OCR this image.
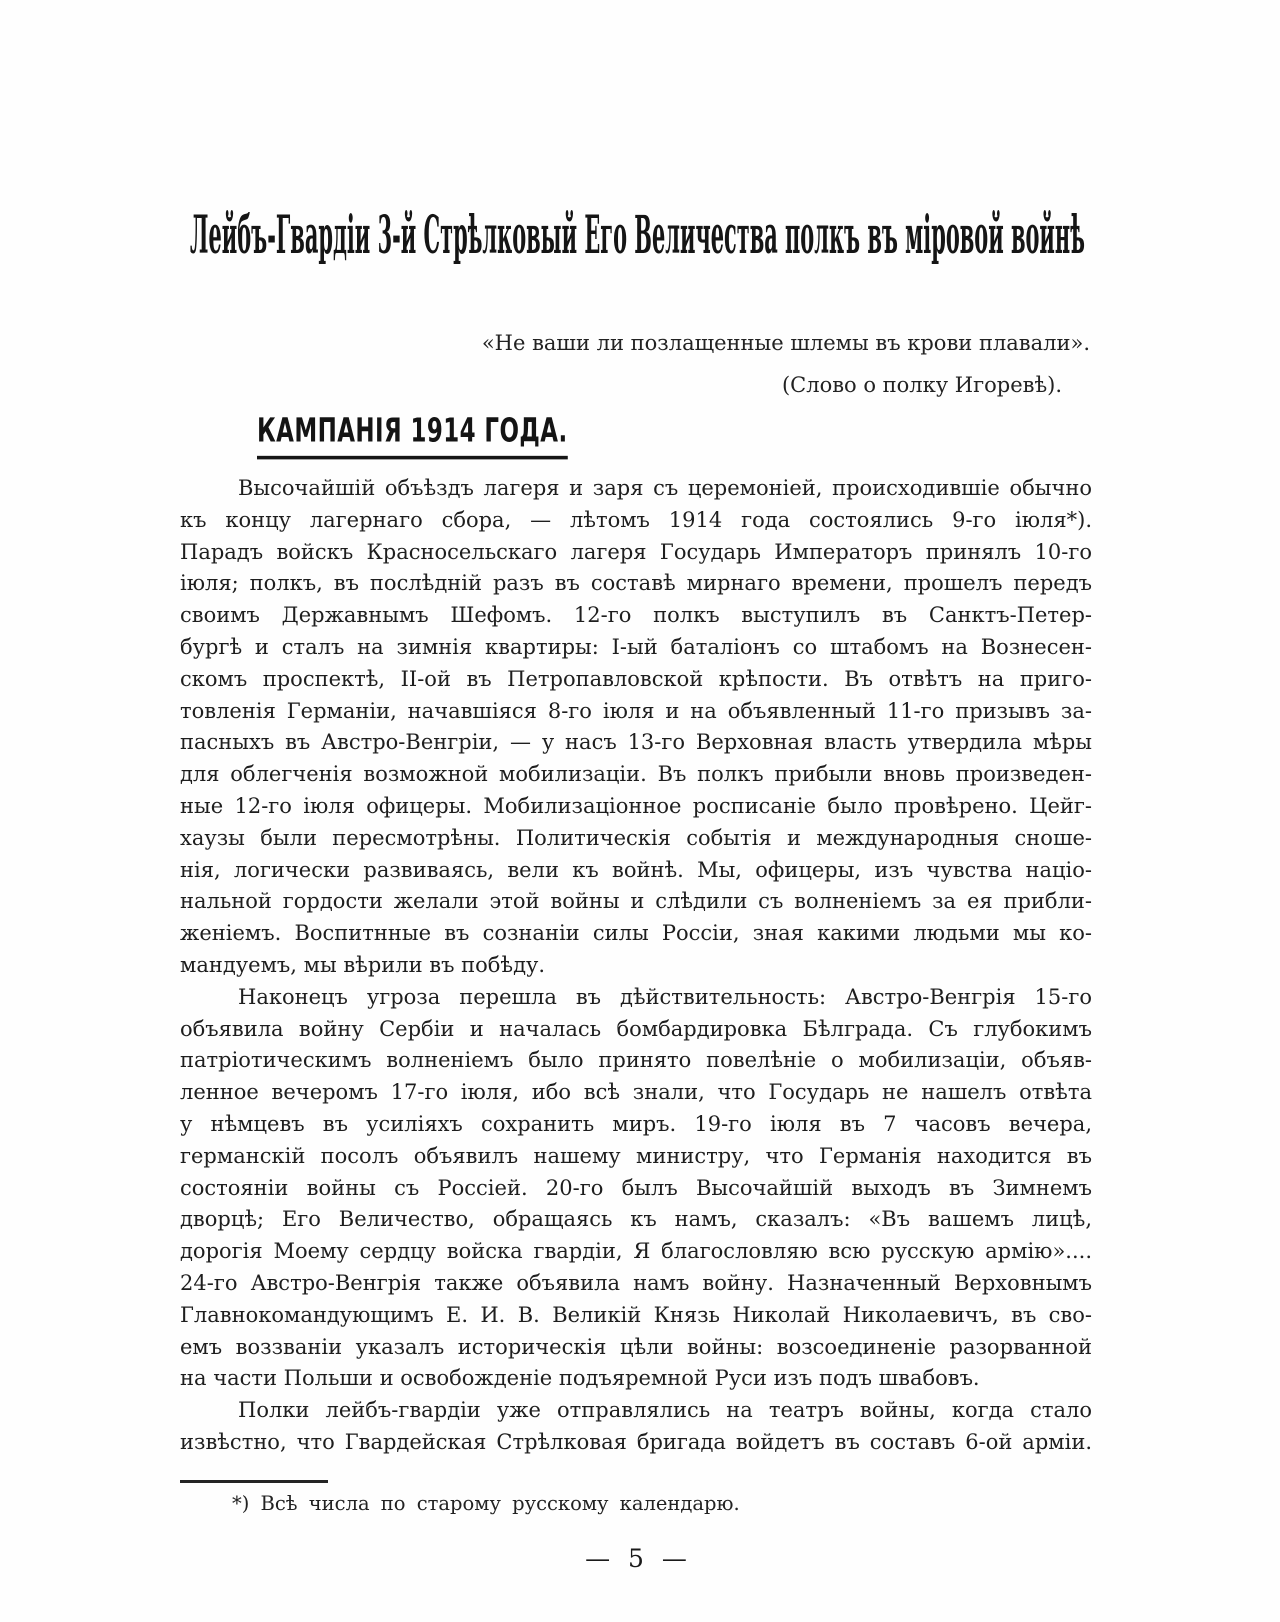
Лейбъ-Гвардіи 3-й Стрѣлковый Его Величества полкъ въ міровой войнѣ
«Не ваши ли позлащенные шлемы въ крови плавали».
(Слово о полку Игоревѣ).
КАМПАНІЯ 1914 ГОДА.
Высочайшій объѣздъ лагеря и заря съ церемоніей, происходившіе обычно
къ концу лагернаго сбора, — лѣтомъ 1914 года состоялись 9-го іюля*).
Парадъ войскъ Красносельскаго лагеря Государь Императоръ принялъ 10-го
іюля; полкъ, въ послѣдній разъ въ составѣ мирнаго времени, прошелъ передъ
своимъ Державнымъ Шефомъ. 12-го полкъ выступилъ въ Санктъ-Петер-
бургѣ и сталъ на зимнія квартиры: І-ый баталіонъ со штабомъ на Вознесен-
скомъ проспектѣ, ІІ-ой въ Петропавловской крѣпости. Въ отвѣтъ на приго-
товленія Германіи, начавшіяся 8-го іюля и на объявленный 11-го призывъ за-
пасныхъ въ Австро-Венгріи, — у насъ 13-го Верховная власть утвердила мѣры
для облегченія возможной мобилизаціи. Въ полкъ прибыли вновь произведен-
ные 12-го іюля офицеры. Мобилизаціонное росписаніе было провѣрено. Цейг-
хаузы были пересмотрѣны. Политическія событія и международныя сноше-
нія, логически развиваясь, вели къ войнѣ. Мы, офицеры, изъ чувства націо-
нальной гордости желали этой войны и слѣдили съ волненіемъ за ея прибли-
женіемъ. Воспитнные въ сознаніи силы Россіи, зная какими людьми мы ко-
мандуемъ, мы вѣрили въ побѣду.
Наконецъ угроза перешла въ дѣйствительность: Австро-Венгрія 15-го
объявила войну Сербіи и началась бомбардировка Бѣлграда. Съ глубокимъ
патріотическимъ волненіемъ было принято повелѣніе о мобилизаціи, объяв-
ленное вечеромъ 17-го іюля, ибо всѣ знали, что Государь не нашелъ отвѣта
у нѣмцевъ въ усиліяхъ сохранить миръ. 19-го іюля въ 7 часовъ вечера,
германскій посолъ объявилъ нашему министру, что Германія находится въ
состояніи войны съ Россіей. 20-го былъ Высочайшій выходъ въ Зимнемъ
дворцѣ; Его Величество, обращаясь къ намъ, сказалъ: «Въ вашемъ лицѣ,
дорогія Моему сердцу войска гвардіи, Я благословляю всю русскую армію»....
24-го Австро-Венгрія также объявила намъ войну. Назначенный Верховнымъ
Главнокомандующимъ Е. И. В. Великій Князь Николай Николаевичъ, въ сво-
емъ воззваніи указалъ историческія цѣли войны: возсоединеніе разорванной
на части Польши и освобожденіе подъяремной Руси изъ подъ швабовъ.
Полки лейбъ-гвардіи уже отправлялись на театръ войны, когда стало
извѣстно, что Гвардейская Стрѣлковая бригада войдетъ въ составъ 6-ой арміи.
*) Всѣ числа по старому русскому календарю.
— 5 —
